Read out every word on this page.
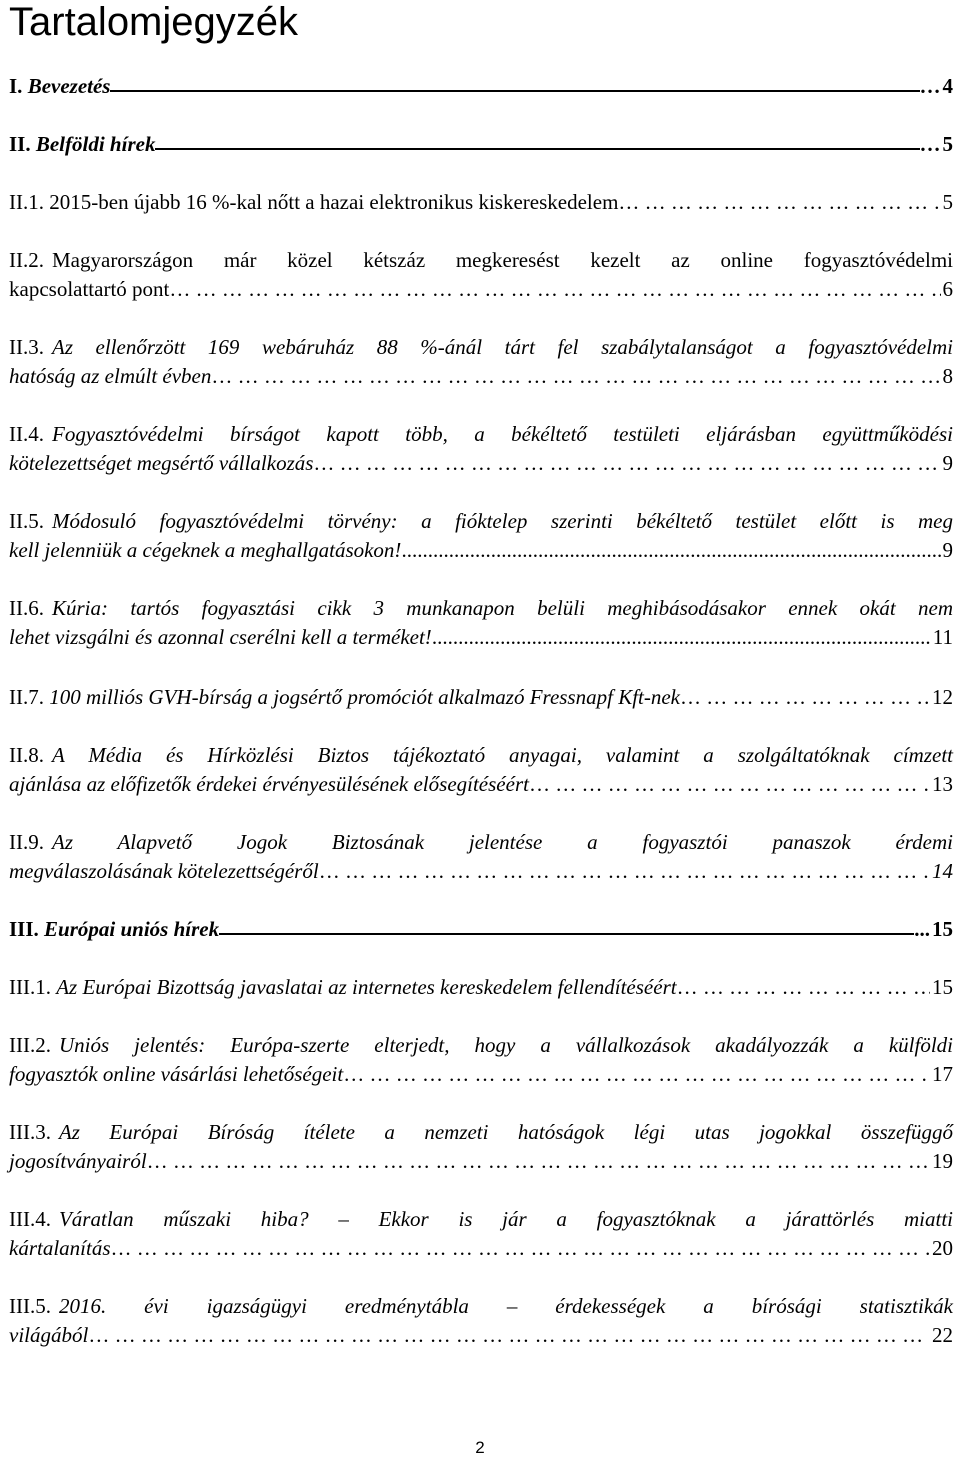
Tartalomjegyzék
I.
Bevezetés	… 4
II.
Belföldi hírek	… 5
II.1.
2015-ben újabb 16 %-kal nőtt a hazai elektronikus kiskereskedelem … … … … … … … … … … … … … … … … … … … … … … … … … … … … … … … … … … … … … … … … … … … … … … … … … … … … … … … … … … … … … … … … … …	5
II.2. Magyarországon már közel kétszáz megkeresést kezelt az online fogyasztóvédelmi
kapcsolattartó pont … … … … … … … … … … … … … … … … … … … … … … … … … … … … … … … … … … … … … … … … … … … … … … … … … … … … … … … … … … … … … … … … … …	6
II.3. Az ellenőrzött 169 webáruház 88 %-ánál tárt fel szabálytalanságot a fogyasztóvédelmi
hatóság az elmúlt évben … … … … … … … … … … … … … … … … … … … … … … … … … … … … … … … … … … … … … … … … … … … … … … … … … … … … … … … … … … … … … … … … … …	8
II.4. Fogyasztóvédelmi bírságot kapott több, a békéltető testületi eljárásban együttműködési
kötelezettséget megsértő vállalkozás … … … … … … … … … … … … … … … … … … … … … … … … … … … … … … … … … … … … … … … … … … … … … … … … … … … … … … … … … … … … … … … … … …	9
II.5. Módosuló fogyasztóvédelmi törvény: a fióktelep szerinti békéltető testület előtt is meg
kell jelenniük a cégeknek a meghallgatásokon! .....	9
II.6. Kúria: tartós fogyasztási cikk 3 munkanapon belüli meghibásodásakor ennek okát nem
lehet vizsgálni és azonnal cserélni kell a terméket! .....	11
II.7.
100 milliós GVH-bírság a jogsértő promóciót alkalmazó Fressnapf Kft-nek … … … … … … … … … … … … … … … … … … … … … … … … … … … … … … … … … … … … … … … … … … … … … … … … … … … … … … … … … … … … … … … … … …	12
II.8. A Média és Hírközlési Biztos tájékoztató anyagai, valamint a szolgáltatóknak címzett
ajánlása az előfizetők érdekei érvényesülésének elősegítéséért … … … … … … … … … … … … … … … … … … … … … … … … … … … … … … … … … … … … … … … … … … … … … … … … … … … … … … … … … … … … … … … … … …	13
II.9. Az Alapvető Jogok Biztosának jelentése a fogyasztói panaszok érdemi
megválaszolásának kötelezettségéről … … … … … … … … … … … … … … … … … … … … … … … … … … … … … … … … … … … … … … … … … … … … … … … … … … … … … … … … … … … … … … … … … …	14
III.
Európai uniós hírek	... 15
III.1.
Az Európai Bizottság javaslatai az internetes kereskedelem fellendítéséért … … … … … … … … … … … … … … … … … … … … … … … … … … … … … … … … … … … … … … … … … … … … … … … … … … … … … … … … … … … … … … … … … …	15
III.2. Uniós jelentés: Európa-szerte elterjedt, hogy a vállalkozások akadályozzák a külföldi
fogyasztók online vásárlási lehetőségeit … … … … … … … … … … … … … … … … … … … … … … … … … … … … … … … … … … … … … … … … … … … … … … … … … … … … … … … … … … … … … … … … … …	17
III.3. Az Európai Bíróság ítélete a nemzeti hatóságok légi utas jogokkal összefüggő
jogosítványairól … … … … … … … … … … … … … … … … … … … … … … … … … … … … … … … … … … … … … … … … … … … … … … … … … … … … … … … … … … … … … … … … … …	19
III.4. Váratlan műszaki hiba? – Ekkor is jár a fogyasztóknak a járattörlés miatti
kártalanítás … … … … … … … … … … … … … … … … … … … … … … … … … … … … … … … … … … … … … … … … … … … … … … … … … … … … … … … … … … … … … … … … … …	20
III.5. 2016. évi igazságügyi eredménytábla – érdekességek a bírósági statisztikák
világából … … … … … … … … … … … … … … … … … … … … … … … … … … … … … … … … … … … … … … … … … … … … … … … … … … … … … … … … … … … … … … … … … …	22
2
